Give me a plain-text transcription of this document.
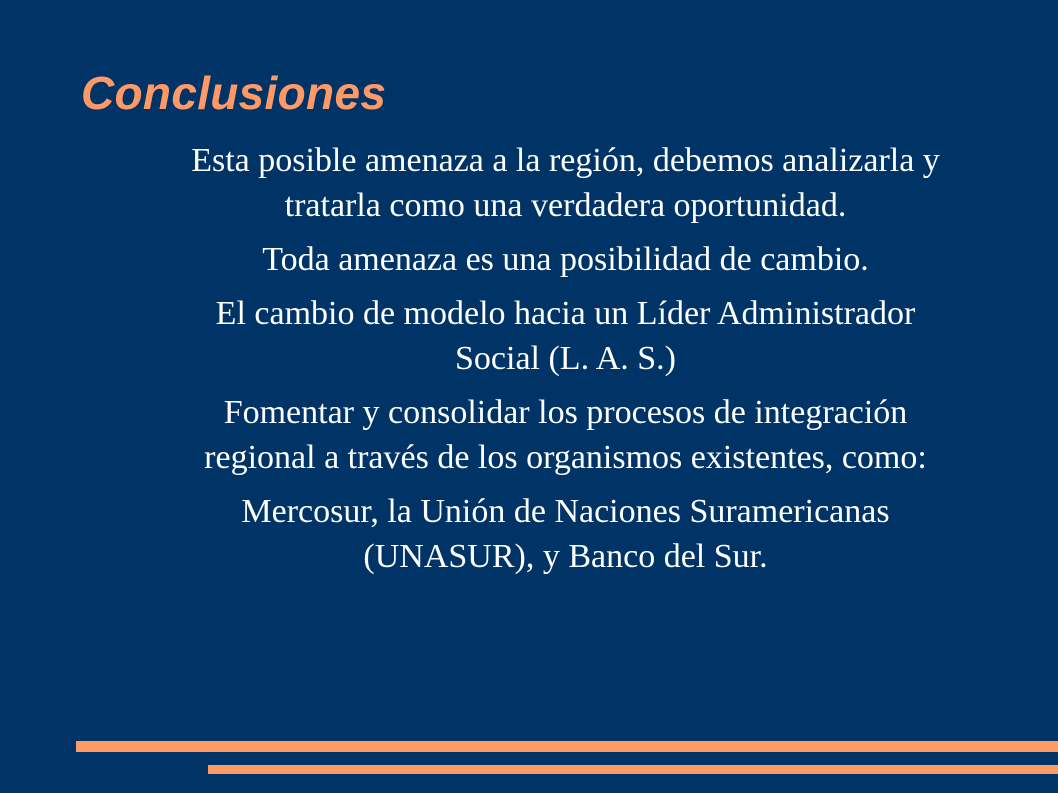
Conclusiones

Esta posible amenaza a la región, debemos analizarla y
tratarla como una verdadera oportunidad.

Toda amenaza es una posibilidad de cambio.

El cambio de modelo hacia un Líder Administrador
Social (L. A. S.)

Fomentar y consolidar los procesos de integración
regional a través de los organismos existentes, como:

Mercosur, la Unión de Naciones Suramericanas
(UNASUR), y Banco del Sur.
